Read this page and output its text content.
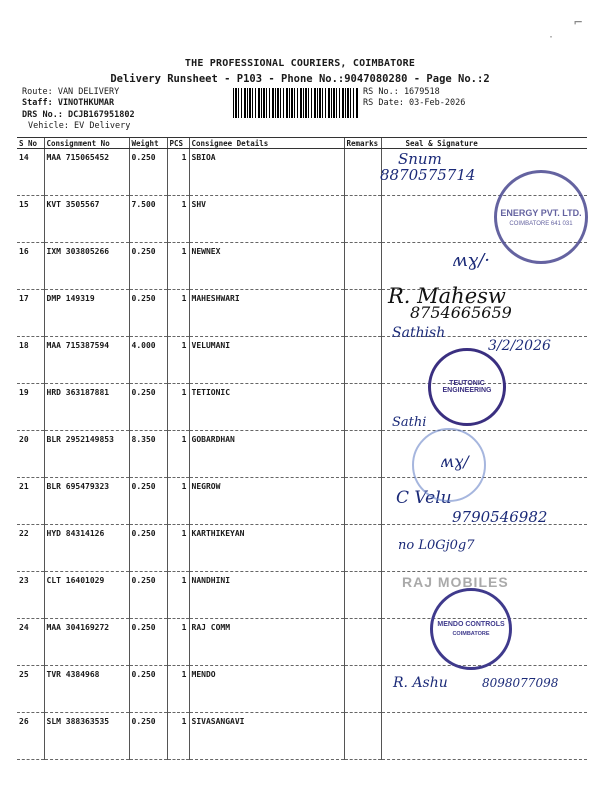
THE PROFESSIONAL COURIERS, COIMBATORE
Delivery Runsheet - P103 - Phone No.:9047080280 - Page No.:2
Route: VAN DELIVERY
Staff: VINOTHKUMAR
DRS No.: DCJB167951802
Vehicle: EV Delivery
RS No.: 1679518
RS Date: 03-Feb-2026
⌐
·
S No	Consignment No	Weight	PCS	Consignee Details	Remarks	Seal & Signature
14	MAA 715065452	0.250	1	SBIOA		
15	KVT 3505567	7.500	1	SHV		
16	IXM 303805266	0.250	1	NEWNEX		
17	DMP 149319	0.250	1	MAHESHWARI		
18	MAA 715387594	4.000	1	VELUMANI		
19	HRD 363187881	0.250	1	TETIONIC		
20	BLR 2952149853	8.350	1	GOBARDHAN		
21	BLR 695479323	0.250	1	NEGROW		
22	HYD 84314126	0.250	1	KARTHIKEYAN		
23	CLT 16401029	0.250	1	NANDHINI		
24	MAA 304169272	0.250	1	RAJ COMM		
25	TVR 4384968	0.250	1	MENDO		
26	SLM 388363535	0.250	1	SIVASANGAVI		
Snum
8870575714
ʍɣ/·
R. Mahesw
8754665659
Sathish
3/2/2026
Sathi
ʍɣ/
C Velu
9790546982
no L0Gj0g7
R. Ashu	8098077098
ENERGY PVT. LTD.
COIMBATORE 641 031
TEUTONIC ENGINEERING
RAJ MOBILES
MENDO CONTROLS
COIMBATORE
